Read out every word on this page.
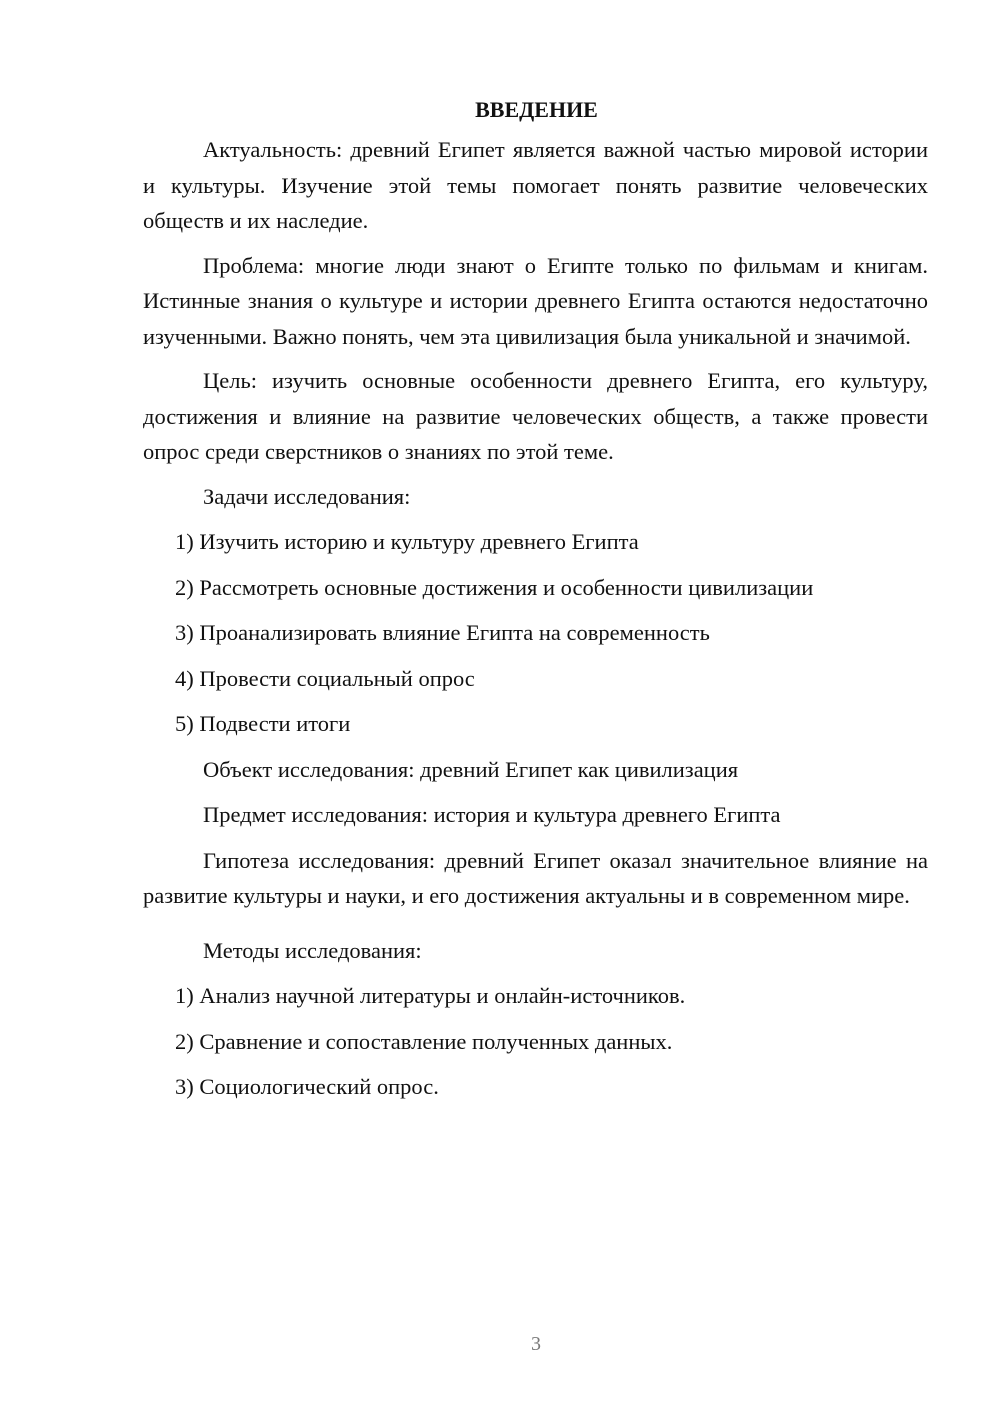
ВВЕДЕНИЕ

Актуальность: древний Египет является важной частью мировой истории и культуры. Изучение этой темы помогает понять развитие человеческих обществ и их наследие.

Проблема: многие люди знают о Египте только по фильмам и книгам. Истинные знания о культуре и истории древнего Египта остаются недостаточно изученными. Важно понять, чем эта цивилизация была уникальной и значимой.

Цель: изучить основные особенности древнего Египта, его культуру, достижения и влияние на развитие человеческих обществ, а также провести опрос среди сверстников о знаниях по этой теме.

Задачи исследования:

1) Изучить историю и культуру древнего Египта

2) Рассмотреть основные достижения и особенности цивилизации

3) Проанализировать влияние Египта на современность

4) Провести социальный опрос

5) Подвести итоги

Объект исследования: древний Египет как цивилизация

Предмет исследования: история и культура древнего Египта

Гипотеза исследования: древний Египет оказал значительное влияние на развитие культуры и науки, и его достижения актуальны и в современном мире.

Методы исследования:

1) Анализ научной литературы и онлайн-источников.

2) Сравнение и сопоставление полученных данных.

3) Социологический опрос.

3
